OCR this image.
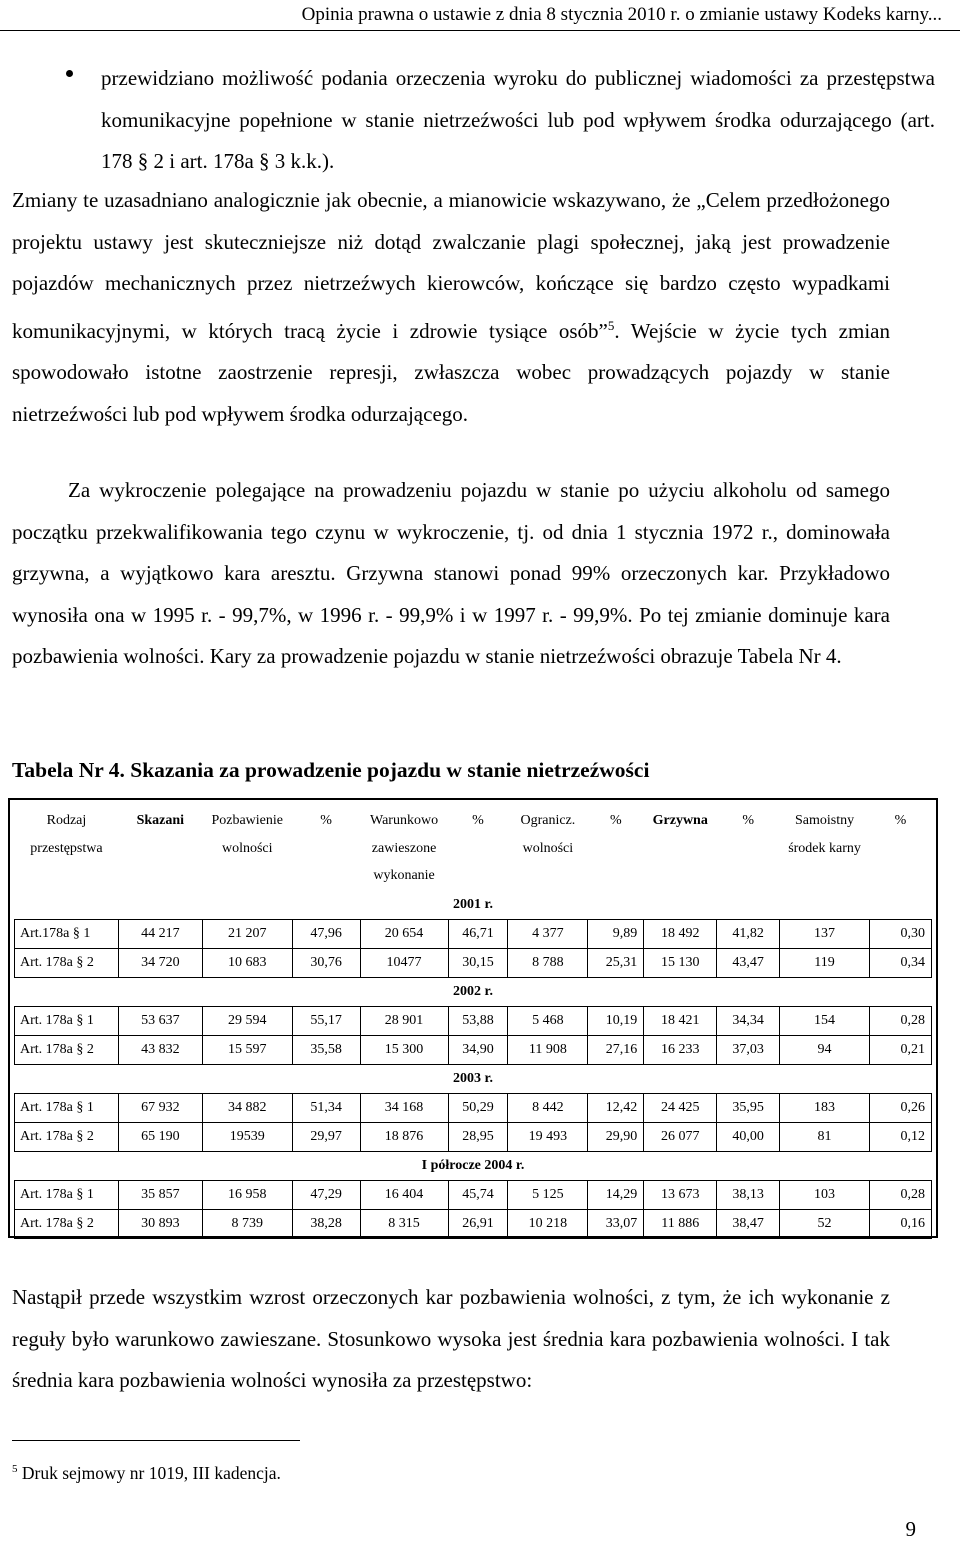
Opinia prawna o ustawie z dnia 8 stycznia 2010 r. o zmianie ustawy Kodeks karny...
przewidziano możliwość podania orzeczenia wyroku do publicznej wiadomości za przestępstwa komunikacyjne popełnione w stanie nietrzeźwości lub pod wpływem środka odurzającego (art. 178 § 2 i art. 178a § 3 k.k.).

Zmiany te uzasadniano analogicznie jak obecnie, a mianowicie wskazywano, że „Celem przedłożonego projektu ustawy jest skuteczniejsze niż dotąd zwalczanie plagi społecznej, jaką jest prowadzenie pojazdów mechanicznych przez nietrzeźwych kierowców, kończące się bardzo często wypadkami komunikacyjnymi, w których tracą życie i zdrowie tysiące osób”$^5$. Wejście w życie tych zmian spowodowało istotne zaostrzenie represji, zwłaszcza wobec prowadzących pojazdy w stanie nietrzeźwości lub pod wpływem środka odurzającego.

Za wykroczenie polegające na prowadzeniu pojazdu w stanie po użyciu alkoholu od samego początku przekwalifikowania tego czynu w wykroczenie, tj. od dnia 1 stycznia 1972 r., dominowała grzywna, a wyjątkowo kara aresztu. Grzywna stanowi ponad 99% orzeczonych kar. Przykładowo wynosiła ona w 1995 r. - 99,7%, w 1996 r. - 99,9% i w 1997 r. - 99,9%. Po tej zmianie dominuje kara pozbawienia wolności. Kary za prowadzenie pojazdu w stanie nietrzeźwości obrazuje Tabela Nr 4.

Tabela Nr 4. Skazania za prowadzenie pojazdu w stanie nietrzeźwości
Rodzaj przestępstwa	Skazani	Pozbawienie wolności	%	Warunkowo zawieszone wykonanie	%	Ogranicz. wolności	%	Grzywna	%	Samoistny środek karny	%
2001 r.											
Art.178a § 1	44 217	21 207	47,96	20 654	46,71	4 377	9,89	18 492	41,82	137	0,30
Art. 178a § 2	34 720	10 683	30,76	10477	30,15	8 788	25,31	15 130	43,47	119	0,34
2002 r.											
Art. 178a § 1	53 637	29 594	55,17	28 901	53,88	5 468	10,19	18 421	34,34	154	0,28
Art. 178a § 2	43 832	15 597	35,58	15 300	34,90	11 908	27,16	16 233	37,03	94	0,21
2003 r.											
Art. 178a § 1	67 932	34 882	51,34	34 168	50,29	8 442	12,42	24 425	35,95	183	0,26
Art. 178a § 2	65 190	19539	29,97	18 876	28,95	19 493	29,90	26 077	40,00	81	0,12
I półrocze 2004 r.											
Art. 178a § 1	35 857	16 958	47,29	16 404	45,74	5 125	14,29	13 673	38,13	103	0,28
Art. 178a § 2	30 893	8 739	38,28	8 315	26,91	10 218	33,07	11 886	38,47	52	0,16

Nastąpił przede wszystkim wzrost orzeczonych kar pozbawienia wolności, z tym, że ich wykonanie z reguły było warunkowo zawieszane. Stosunkowo wysoka jest średnia kara pozbawienia wolności. I tak średnia kara pozbawienia wolności wynosiła za przestępstwo:

$^5$ Druk sejmowy nr 1019, III kadencja.
9
